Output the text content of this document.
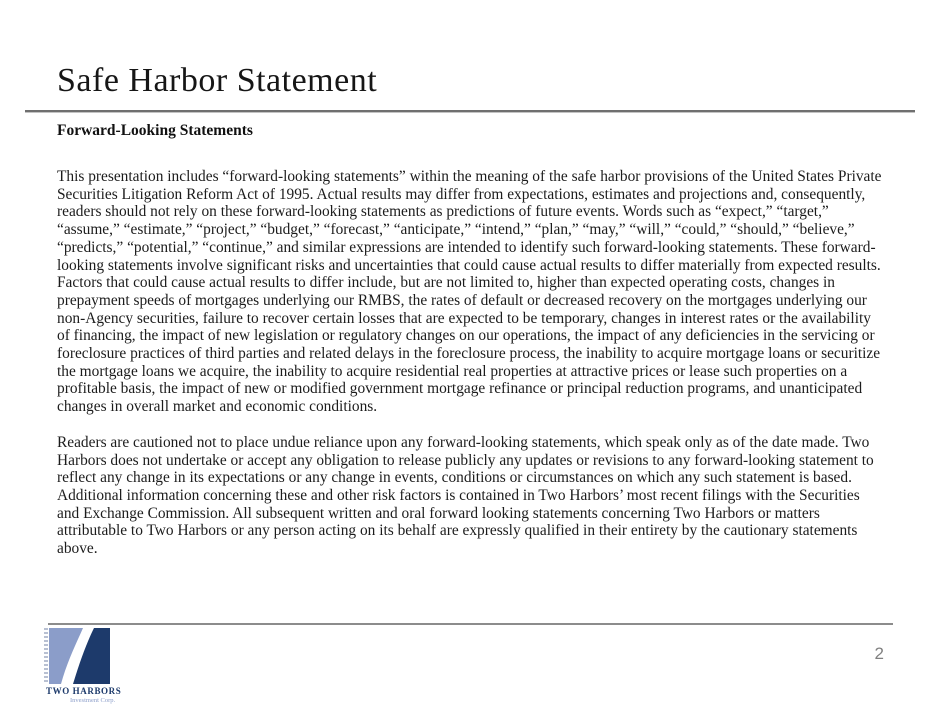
Safe Harbor Statement
Forward-Looking Statements

This presentation includes “forward-looking statements” within the meaning of the safe harbor provisions of the United States Private Securities Litigation Reform Act of 1995. Actual results may differ from expectations, estimates and projections and, consequently, readers should not rely on these forward-looking statements as predictions of future events. Words such as “expect,” “target,” “assume,” “estimate,” “project,” “budget,” “forecast,” “anticipate,” “intend,” “plan,” “may,” “will,” “could,” “should,” “believe,” “predicts,” “potential,” “continue,” and similar expressions are intended to identify such forward-looking statements. These forward-looking statements involve significant risks and uncertainties that could cause actual results to differ materially from expected results. Factors that could cause actual results to differ include, but are not limited to, higher than expected operating costs, changes in prepayment speeds of mortgages underlying our RMBS, the rates of default or decreased recovery on the mortgages underlying our non-Agency securities, failure to recover certain losses that are expected to be temporary, changes in interest rates or the availability of financing, the impact of new legislation or regulatory changes on our operations, the impact of any deficiencies in the servicing or foreclosure practices of third parties and related delays in the foreclosure process, the inability to acquire mortgage loans or securitize the mortgage loans we acquire, the inability to acquire residential real properties at attractive prices or lease such properties on a profitable basis, the impact of new or modified government mortgage refinance or principal reduction programs, and unanticipated changes in overall market and economic conditions.

Readers are cautioned not to place undue reliance upon any forward-looking statements, which speak only as of the date made. Two Harbors does not undertake or accept any obligation to release publicly any updates or revisions to any forward-looking statement to reflect any change in its expectations or any change in events, conditions or circumstances on which any such statement is based. Additional information concerning these and other risk factors is contained in Two Harbors’ most recent filings with the Securities and Exchange Commission. All subsequent written and oral forward looking statements concerning Two Harbors or matters attributable to Two Harbors or any person acting on its behalf are expressly qualified in their entirety by the cautionary statements above.

TWO HARBORS
Investment Corp.
2
